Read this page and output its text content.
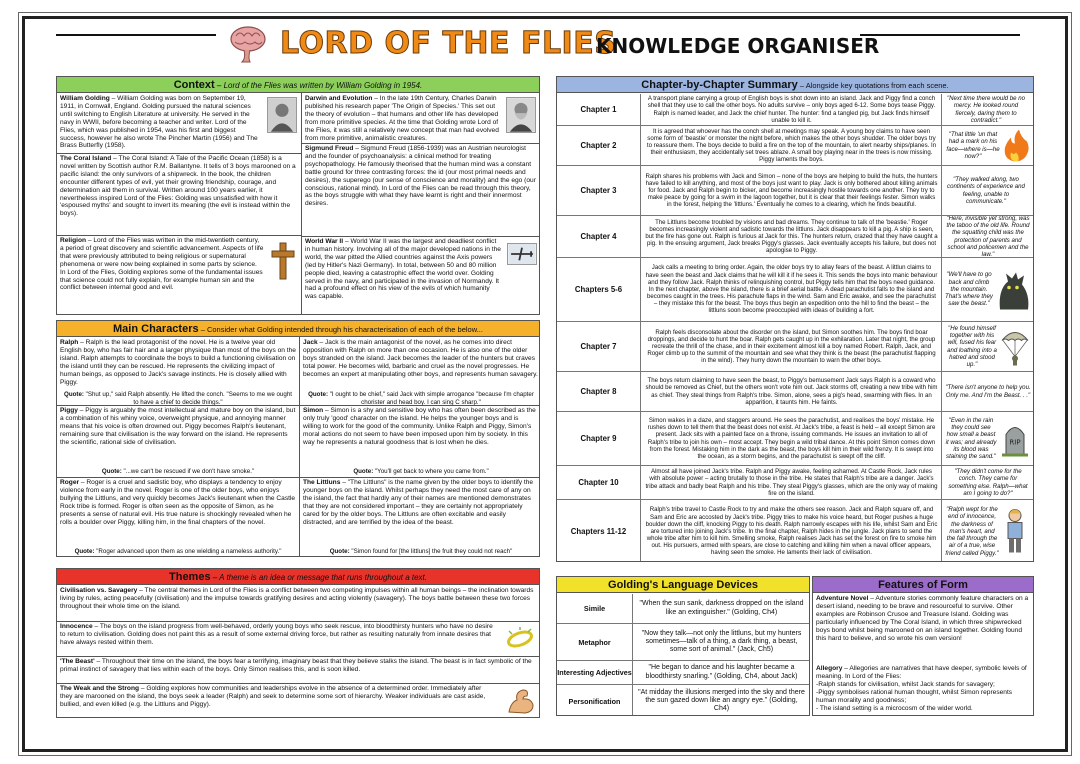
LORD OF THE FLIES
KNOWLEDGE ORGANISER
Context – Lord of the Flies was written by William Golding in 1954.
William Golding – William Golding was born on September 19, 1911, in Cornwall, England. Golding pursued the natural sciences until switching to English Literature at university. He served in the navy in WWII, before becoming a teacher and writer. Lord of the Flies, which was published in 1954, was his first and biggest success, however he also wrote The Pincher Martin (1956) and The Brass Butterfly (1958).
The Coral Island – The Coral Island: A Tale of the Pacific Ocean (1858) is a novel written by Scottish author R.M. Ballantyne. It tells of 3 boys marooned on a pacific island: the only survivors of a shipwreck. In the book, the children encounter different types of evil, yet their growing friendship, courage, and determination aid them in survival. Written around 100 years earlier, it nevertheless inspired Lord of the Flies: Golding was unsatisfied with how it 'espoused myths' and sought to invert its meaning (the evil is instead within the boys).
Religion – Lord of the Flies was written in the mid-twentieth century, a period of great discovery and scientific advancement. Aspects of life that were previously attributed to being religious or supernatural phenomena or were now being explained in some parts by science. In Lord of the Flies, Golding explores some of the fundamental issues that science could not fully explain, for example human sin and the conflict between internal good and evil.
Darwin and Evolution – In the late 19th Century, Charles Darwin published his research paper 'The Origin of Species.' This set out the theory of evolution – that humans and other life has developed from more primitive species. At the time that Golding wrote Lord of the Flies, it was still a relatively new concept that man had evolved from more primitive, animalistic creatures.
Sigmund Freud – Sigmund Freud (1856-1939) was an Austrian neurologist and the founder of psychoanalysis: a clinical method for treating psychopathology. He famously theorised that the human mind was a constant battle ground for three contrasting forces: the id (our most primal needs and desires), the superego (our sense of conscience and morality) and the ego (our conscious, rational mind). In Lord of the Flies can be read through this theory, as the boys struggle with what they have learnt is right and their innermost desires.
World War II – World War II was the largest and deadliest conflict in human history. Involving all of the major developed nations in the world, the war pitted the Allied countries against the Axis powers (led by Hitler's Nazi Germany). In total, between 50 and 80 million people died, leaving a catastrophic effect the world over. Golding served in the navy, and participated in the invasion of Normandy. It had a profound effect on his view of the evils of which humanity was capable.
Main Characters – Consider what Golding intended through his characterisation of each of the below...
Ralph – Ralph is the lead protagonist of the novel. He is a twelve year old English boy, who has fair hair and a larger physique than most of the boys on the island. Ralph attempts to coordinate the boys to build a functioning civilisation on the island until they can be rescued. He represents the civilizing impact of human beings, as opposed to Jack's savage instincts. He is closely allied with Piggy.
Quote: "Shut up," said Ralph absently. He lifted the conch. "Seems to me we ought to have a chief to decide things."
Jack – Jack is the main antagonist of the novel, as he comes into direct opposition with Ralph on more than one occasion. He is also one of the older boys stranded on the island. Jack becomes the leader of the hunters but craves total power. He becomes wild, barbaric and cruel as the novel progresses. He becomes an expert at manipulating other boys, and represents human savagery.
Quote: "I ought to be chief," said Jack with simple arrogance "because I'm chapter chorister and head boy. I can sing C sharp."
Piggy – Piggy is arguably the most intellectual and mature boy on the island, but a combination of his whiny voice, overweight physique, and annoying manner means that his voice is often drowned out. Piggy becomes Ralph's lieutenant, remaining sure that civilisation is the way forward on the island. He represents the scientific, rational side of civilisation.
Quote: "...we can't be rescued if we don't have smoke."
Simon – Simon is a shy and sensitive boy who has often been described as the only truly 'good' character on the island. He helps the younger boys and is willing to work for the good of the community. Unlike Ralph and Piggy, Simon's moral actions do not seem to have been imposed upon him by society. In this way he represents a natural goodness that is lost when he dies.
Quote: "You'll get back to where you came from."
Roger – Roger is a cruel and sadistic boy, who displays a tendency to enjoy violence from early in the novel. Roger is one of the older boys, who enjoys bullying the Littluns, and very quickly becomes Jack's lieutenant when the Castle Rock tribe is formed. Roger is often seen as the opposite of Simon, as he presents a sense of natural evil. His true nature is shockingly revealed when he rolls a boulder over Piggy, killing him, in the final chapters of the novel.
Quote: "Roger advanced upon them as one wielding a nameless authority."
The Littluns – "The Littluns" is the name given by the older boys to identify the younger boys on the island. Whilst perhaps they need the most care of any on the island, the fact that hardly any of their names are mentioned demonstrates that they are not considered important – they are certainly not appropriately cared for by the older boys. The Littluns are often excitable and easily distracted, and are terrified by the idea of the beast.
Quote: "Simon found for [the littluns] the fruit they could not reach"
Themes – A theme is an idea or message that runs throughout a text.
Civilisation vs. Savagery – The central themes in Lord of the Flies is a conflict between two competing impulses within all human beings – the inclination towards living by rules, acting peacefully (civilisation) and the impulse towards gratifying desires and acting violently (savagery). The boys battle between these two forces throughout their whole time on the island.
Innocence – The boys on the island progress from well-behaved, orderly young boys who seek rescue, into bloodthirsty hunters who have no desire to return to civilisation. Golding does not paint this as a result of some external driving force, but rather as resulting naturally from innate desires that have always rested within them.
'The Beast' – Throughout their time on the island, the boys fear a terrifying, imaginary beast that they believe stalks the island. The beast is in fact symbolic of the primal instinct of savagery that lies within each of the boys. Only Simon realises this, and is soon killed.
The Weak and the Strong – Golding explores how communities and leaderships evolve in the absence of a determined order. Immediately after they are marooned on the island, the boys seek a leader (Ralph) and seek to determine some sort of hierarchy. Weaker individuals are cast aside, bullied, and even killed (e.g. the Littluns and Piggy).
Chapter-by-Chapter Summary – Alongside key quotations from each scene.
Chapter 1
A transport plane carrying a group of English boys is shot down into an island. Jack and Piggy find a conch shell that they use to call the other boys. No adults survive – only boys aged 6-12. Some boys tease Piggy. Ralph is named leader, and Jack the chief hunter. The hunter: find a tangled pig, but Jack finds himself unable to kill it.
"Next time there would be no mercy. He looked round fiercely, daring them to contradict."
Chapter 2
It is agreed that whoever has the conch shell at meetings may speak. A young boy claims to have seen some form of 'beastie' or monster the night before, which makes the other boys shudder. The older boys try to reassure them. The boys decide to build a fire on the top of the mountain, to alert nearby ships/planes. In their enthusiasm, they accidentally set trees ablaze. A small boy playing near in the trees is now missing. Piggy laments the boys.
"That little 'un that had a mark on his face—where is—he now?"
Chapter 3
Ralph shares his problems with Jack and Simon – none of the boys are helping to build the huts, the hunters have failed to kill anything, and most of the boys just want to play. Jack is only bothered about killing animals for food. Jack and Ralph begin to bicker, and become increasingly hostile towards one another. They try to make peace by going for a swim in the lagoon together, but it is clear that their feelings fester. Simon walks in the forest, helping the 'littluns.' Eventually he comes to a clearing, which he finds beautiful.
"They walked along, two continents of experience and feeling, unable to communicate."
Chapter 4
The Littluns become troubled by visions and bad dreams. They continue to talk of the 'beastie.' Roger becomes increasingly violent and sadistic towards the littluns. Jack disappears to kill a pig. A ship is seen, but the fire has gone out. Ralph is furious at Jack for this. The hunters return, crazed that they have caught a pig. In the ensuing argument, Jack breaks Piggy's glasses. Jack eventually accepts his failure, but does not apologise to Piggy.
"Here, invisible yet strong, was the taboo of the old life. Round the squatting child was the protection of parents and school and policemen and the law."
Chapters 5-6
Jack calls a meeting to bring order. Again, the older boys try to allay fears of the beast. A littlun claims to have seen the beast and Jack claims that he will kill it if he sees it. This sends the boys into manic behaviour and they follow Jack. Ralph thinks of relinquishing control, but Piggy tells him that the boys need guidance. In the next chapter, above the island, there is a brief aerial battle. A dead parachutist falls to the island and becomes caught in the trees. His parachute flaps in the wind. Sam and Eric awake, and see the parachutist – they mistake this for the beast. The boys thus begin an expedition onto the hill to find the beast – the littluns soon become preoccupied with ideas of building a fort.
"We'll have to go back and climb the mountain. That's where they saw the beast."
Chapter 7
Ralph feels disconsolate about the disorder on the island, but Simon soothes him. The boys find boar droppings, and decide to hunt the boar. Ralph gets caught up in the exhilaration. Later that night, the group recreate the thrill of the chase, and in their excitement almost kill a boy named Robert. Ralph, Jack, and Roger climb up to the summit of the mountain and see what they think is the beast (the parachutist flapping in the wind). They hurry down the mountain to warn the other boys.
"He found himself together with his will, fused his fear and loathing into a hatred and stood up."
Chapter 8
The boys return claiming to have seen the beast, to Piggy's bemusement Jack says Ralph is a coward who should be removed as Chief, but the others won't vote him out. Jack storms off, creating a new tribe with him as chief. They steal things from Ralph's tribe. Simon, alone, sees a pig's head, swarming with flies. In an apparition, it taunts him. He faints.
"There isn't anyone to help you. Only me. And I'm the Beast. . ."
Chapter 9
Simon wakes in a daze, and staggers around. He sees the parachutist, and realises the boys' mistake. He rushes down to tell them that the beast does not exist. At Jack's tribe, a feast is held – all except Simon are present. Jack sits with a painted face on a throne, issuing commands. He issues an invitation to all of Ralph's tribe to join his own – most accept. They begin a wild tribal dance. At this point Simon comes down from the forest. Mistaking him in the dark as the beast, the boys kill him in their wild frenzy. It is swept into the ocean, as a storm begins, and the parachutist is swept off the cliff.
"Even in the rain they could see how small a beast it was; and already its blood was staining the sand."
RIP
Chapter 10
Almost all have joined Jack's tribe. Ralph and Piggy awake, feeling ashamed. At Castle Rock, Jack rules with absolute power – acting brutally to those in the tribe. He states that Ralph's tribe are a danger. Jack's tribe attack and badly beat Ralph and his tribe. They steal Piggy's glasses, which are the only way of making fire on the island.
"They didn't come for the conch. They came for something else. Ralph—what am I going to do?"
Chapters 11-12
Ralph's tribe travel to Castle Rock to try and make the others see reason. Jack and Ralph square off, and Sam and Eric are accosted by Jack's tribe. Piggy tries to make his voice heard, but Roger pushes a huge boulder down the cliff, knocking Piggy to his death. Ralph narrowly escapes with his life, whilst Sam and Eric are tortured into joining Jack's tribe. In the final chapter, Ralph hides in the jungle. Jack plans to send the whole tribe after him to kill him. Smelling smoke, Ralph realises Jack has set the forest on fire to smoke him out. His pursuers, armed with spears, are close to catching and killing him when a naval officer appears, having seen the smoke. He laments their lack of civilisation.
"Ralph wept for the end of innocence, the darkness of man's heart, and the fall through the air of a true, wise friend called Piggy."
Golding's Language Devices
Simile
"When the sun sank, darkness dropped on the island like an extinguisher." (Golding, Ch4)
Metaphor
"Now they talk—not only the littluns, but my hunters sometimes—talk of a thing, a dark thing, a beast, some sort of animal." (Jack, Ch5)
Interesting Adjectives
"He began to dance and his laughter became a bloodthirsty snarling." (Golding, Ch4, about Jack)
Personification
"At midday the illusions merged into the sky and there the sun gazed down like an angry eye." (Golding, Ch4)
Features of Form
Adventure Novel – Adventure stories commonly feature characters on a desert island, needing to be brave and resourceful to survive. Other examples are Robinson Crusoe and Treasure Island. Golding was particularly influenced by The Coral Island, in which three shipwrecked boys bond whilst being marooned on an island together. Golding found this hard to believe, and so wrote his own version!
Allegory – Allegories are narratives that have deeper, symbolic levels of meaning. In Lord of the Flies:
-Ralph stands for civilisation, whilst Jack stands for savagery;
-Piggy symbolises rational human thought, whilst Simon represents human morality and goodness;
- The island setting is a microcosm of the wider world.
